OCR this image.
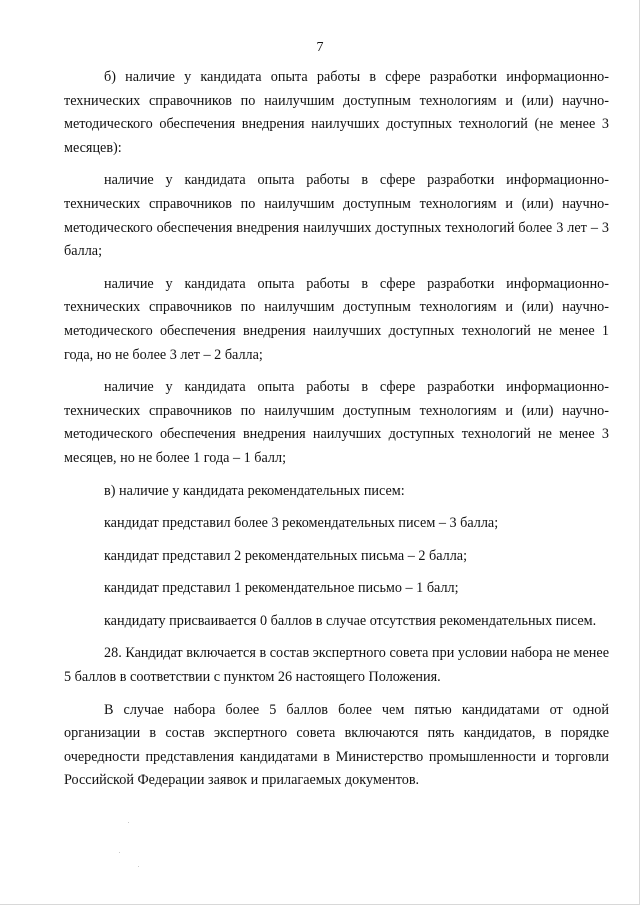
7

б) наличие у кандидата опыта работы в сфере разработки информационно-технических справочников по наилучшим доступным технологиям и (или) научно-методического обеспечения внедрения наилучших доступных технологий (не менее 3 месяцев):

наличие у кандидата опыта работы в сфере разработки информационно-технических справочников по наилучшим доступным технологиям и (или) научно-методического обеспечения внедрения наилучших доступных технологий более 3 лет – 3 балла;

наличие у кандидата опыта работы в сфере разработки информационно-технических справочников по наилучшим доступным технологиям и (или) научно-методического обеспечения внедрения наилучших доступных технологий не менее 1 года, но не более 3 лет – 2 балла;

наличие у кандидата опыта работы в сфере разработки информационно-технических справочников по наилучшим доступным технологиям и (или) научно-методического обеспечения внедрения наилучших доступных технологий не менее 3 месяцев, но не более 1 года – 1 балл;

в) наличие у кандидата рекомендательных писем:

кандидат представил более 3 рекомендательных писем – 3 балла;

кандидат представил 2 рекомендательных письма – 2 балла;

кандидат представил 1 рекомендательное письмо – 1 балл;

кандидату присваивается 0 баллов в случае отсутствия рекомендательных писем.

28. Кандидат включается в состав экспертного совета при условии набора не менее 5 баллов в соответствии с пунктом 26 настоящего Положения.

В случае набора более 5 баллов более чем пятью кандидатами от одной организации в состав экспертного совета включаются пять кандидатов, в порядке очередности представления кандидатами в Министерство промышленности и торговли Российской Федерации заявок и прилагаемых документов.
